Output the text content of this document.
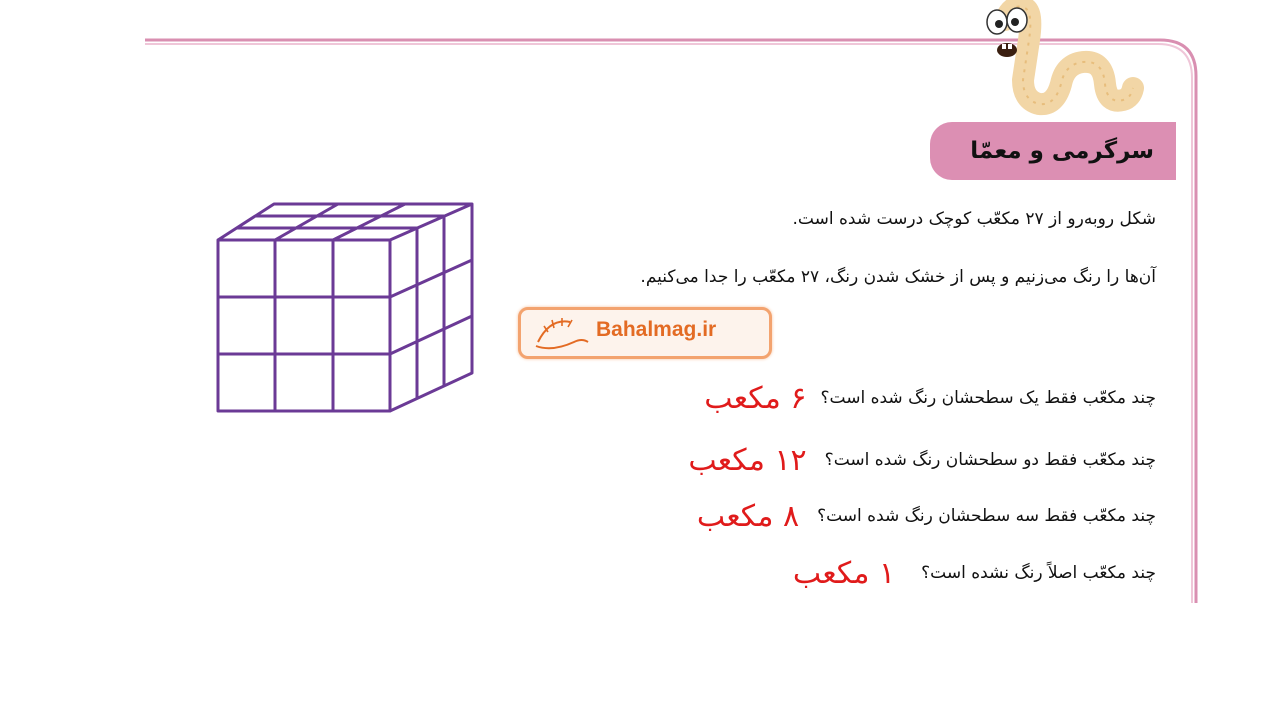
سرگرمی و معمّا
شکل روبه‌رو از ۲۷ مکعّب کوچک درست شده است.
آن‌ها را رنگ می‌زنیم و پس از خشک شدن رنگ، ۲۷ مکعّب را جدا می‌کنیم.
Bahalmag.ir
چند مکعّب فقط یک سطحشان رنگ شده است؟
۶ مکعب
چند مکعّب فقط دو سطحشان رنگ شده است؟
۱۲ مکعب
چند مکعّب فقط سه سطحشان رنگ شده است؟
۸ مکعب
چند مکعّب اصلاً رنگ نشده است؟
۱ مکعب
